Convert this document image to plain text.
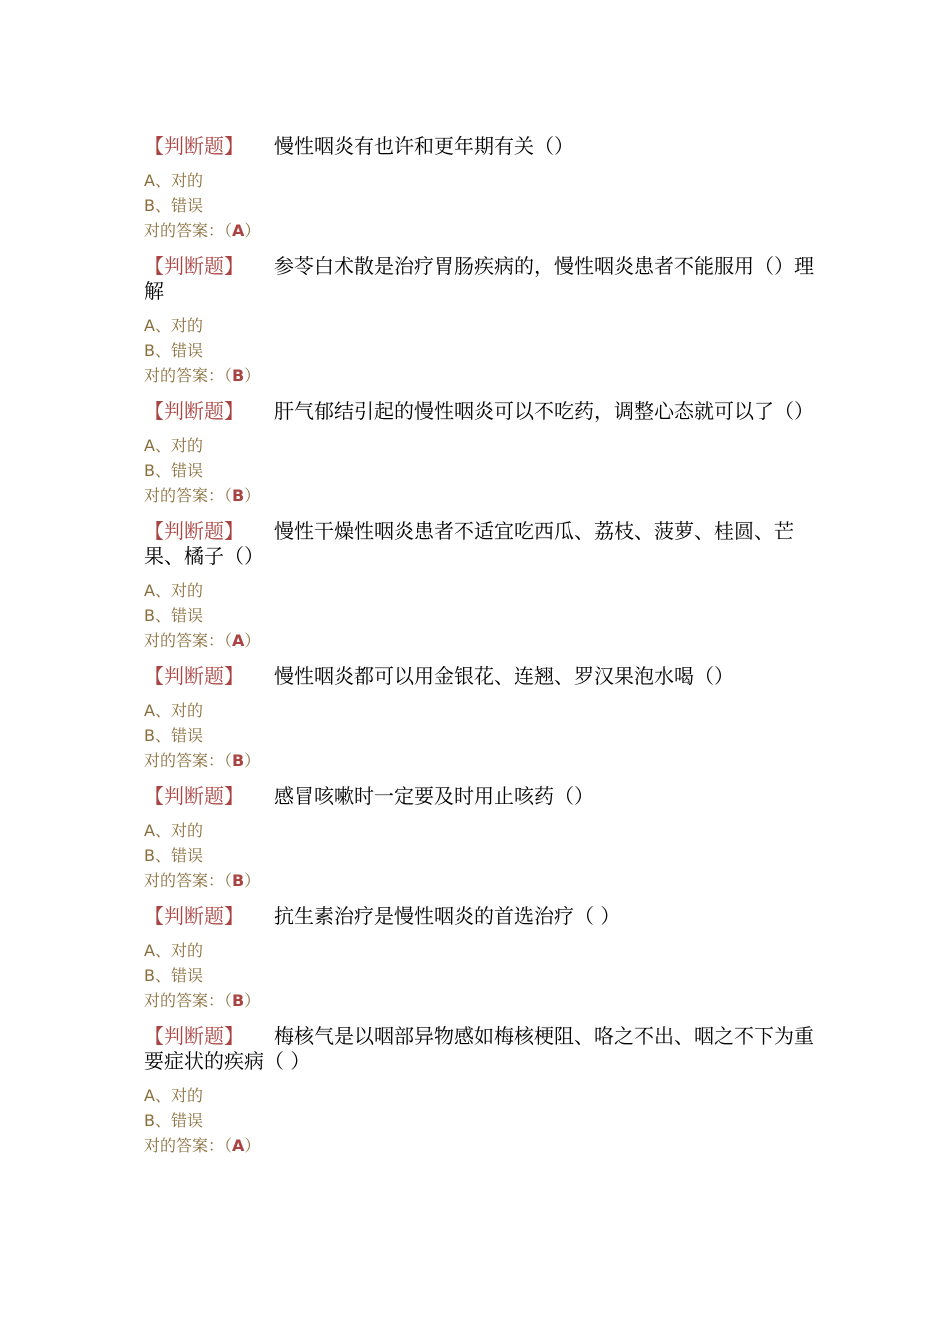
【判断题】 慢性咽炎有也许和更年期有关（）
A、对的
B、错误
对的答案：（A）
【判断题】 参苓白术散是治疗胃肠疾病的，慢性咽炎患者不能服用（）理解
A、对的
B、错误
对的答案：（B）
【判断题】 肝气郁结引起的慢性咽炎可以不吃药，调整心态就可以了（）
A、对的
B、错误
对的答案：（B）
【判断题】 慢性干燥性咽炎患者不适宜吃西瓜、荔枝、菠萝、桂圆、芒果、橘子（）
A、对的
B、错误
对的答案：（A）
【判断题】 慢性咽炎都可以用金银花、连翘、罗汉果泡水喝（）
A、对的
B、错误
对的答案：（B）
【判断题】 感冒咳嗽时一定要及时用止咳药（）
A、对的
B、错误
对的答案：（B）
【判断题】 抗生素治疗是慢性咽炎的首选治疗（ ）
A、对的
B、错误
对的答案：（B）
【判断题】 梅核气是以咽部异物感如梅核梗阻、咯之不出、咽之不下为重要症状的疾病（ ）
A、对的
B、错误
对的答案：（A）
